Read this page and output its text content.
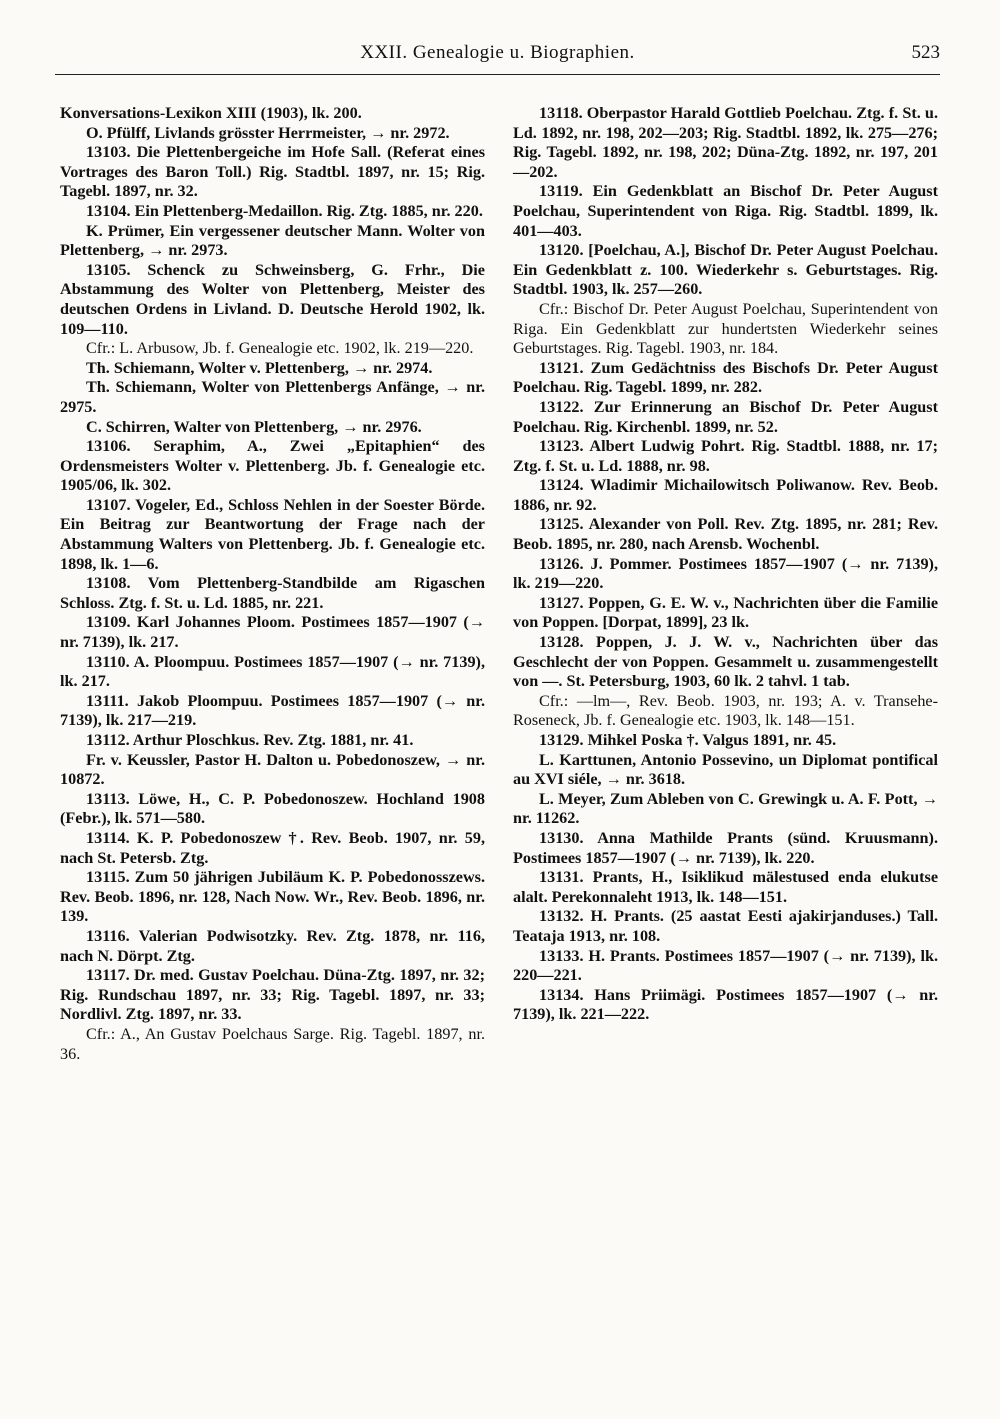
XXII. Genealogie u. Biographien.	523

Konversations-Lexikon XIII (1903), lk. 200.

O. Pfülff, Livlands grösster Herrmeister, → nr. 2972.

13103. Die Plettenbergeiche im Hofe Sall. (Referat eines Vortrages des Baron Toll.) Rig. Stadtbl. 1897, nr. 15; Rig. Tagebl. 1897, nr. 32.

13104. Ein Plettenberg-Medaillon. Rig. Ztg. 1885, nr. 220.

K. Prümer, Ein vergessener deutscher Mann. Wolter von Plettenberg, → nr. 2973.

13105. Schenck zu Schweinsberg, G. Frhr., Die Abstammung des Wolter von Plettenberg, Meister des deutschen Ordens in Livland. D. Deutsche Herold 1902, lk. 109—110.

Cfr.: L. Arbusow, Jb. f. Genealogie etc. 1902, lk. 219—220.

Th. Schiemann, Wolter v. Plettenberg, → nr. 2974.

Th. Schiemann, Wolter von Plettenbergs Anfänge, → nr. 2975.

C. Schirren, Walter von Plettenberg, → nr. 2976.

13106. Seraphim, A., Zwei „Epitaphien“ des Ordensmeisters Wolter v. Plettenberg. Jb. f. Genealogie etc. 1905/06, lk. 302.

13107. Vogeler, Ed., Schloss Nehlen in der Soester Börde. Ein Beitrag zur Beantwortung der Frage nach der Abstammung Walters von Plettenberg. Jb. f. Genealogie etc. 1898, lk. 1—6.

13108. Vom Plettenberg-Standbilde am Rigaschen Schloss. Ztg. f. St. u. Ld. 1885, nr. 221.

13109. Karl Johannes Ploom. Postimees 1857—1907 (→ nr. 7139), lk. 217.

13110. A. Ploompuu. Postimees 1857—1907 (→ nr. 7139), lk. 217.

13111. Jakob Ploompuu. Postimees 1857—1907 (→ nr. 7139), lk. 217—219.

13112. Arthur Ploschkus. Rev. Ztg. 1881, nr. 41.

Fr. v. Keussler, Pastor H. Dalton u. Pobedonoszew, → nr. 10872.

13113. Löwe, H., C. P. Pobedonoszew. Hochland 1908 (Febr.), lk. 571—580.

13114. K. P. Pobedonoszew †. Rev. Beob. 1907, nr. 59, nach St. Petersb. Ztg.

13115. Zum 50 jährigen Jubiläum K. P. Pobedonosszews. Rev. Beob. 1896, nr. 128, Nach Now. Wr., Rev. Beob. 1896, nr. 139.

13116. Valerian Podwisotzky. Rev. Ztg. 1878, nr. 116, nach N. Dörpt. Ztg.

13117. Dr. med. Gustav Poelchau. Düna-Ztg. 1897, nr. 32; Rig. Rundschau 1897, nr. 33; Rig. Tagebl. 1897, nr. 33; Nordlivl. Ztg. 1897, nr. 33.

Cfr.: A., An Gustav Poelchaus Sarge. Rig. Tagebl. 1897, nr. 36.

13118. Oberpastor Harald Gottlieb Poelchau. Ztg. f. St. u. Ld. 1892, nr. 198, 202—203; Rig. Stadtbl. 1892, lk. 275—276; Rig. Tagebl. 1892, nr. 198, 202; Düna-Ztg. 1892, nr. 197, 201—202.

13119. Ein Gedenkblatt an Bischof Dr. Peter August Poelchau, Superintendent von Riga. Rig. Stadtbl. 1899, lk. 401—403.

13120. [Poelchau, A.], Bischof Dr. Peter August Poelchau. Ein Gedenkblatt z. 100. Wiederkehr s. Geburtstages. Rig. Stadtbl. 1903, lk. 257—260.

Cfr.: Bischof Dr. Peter August Poelchau, Superintendent von Riga. Ein Gedenkblatt zur hundertsten Wiederkehr seines Geburtstages. Rig. Tagebl. 1903, nr. 184.

13121. Zum Gedächtniss des Bischofs Dr. Peter August Poelchau. Rig. Tagebl. 1899, nr. 282.

13122. Zur Erinnerung an Bischof Dr. Peter August Poelchau. Rig. Kirchenbl. 1899, nr. 52.

13123. Albert Ludwig Pohrt. Rig. Stadtbl. 1888, nr. 17; Ztg. f. St. u. Ld. 1888, nr. 98.

13124. Wladimir Michailowitsch Poliwanow. Rev. Beob. 1886, nr. 92.

13125. Alexander von Poll. Rev. Ztg. 1895, nr. 281; Rev. Beob. 1895, nr. 280, nach Arensb. Wochenbl.

13126. J. Pommer. Postimees 1857—1907 (→ nr. 7139), lk. 219—220.

13127. Poppen, G. E. W. v., Nachrichten über die Familie von Poppen. [Dorpat, 1899], 23 lk.

13128. Poppen, J. J. W. v., Nachrichten über das Geschlecht der von Poppen. Gesammelt u. zusammengestellt von —. St. Petersburg, 1903, 60 lk. 2 tahvl. 1 tab.

Cfr.: —lm—, Rev. Beob. 1903, nr. 193; A. v. Transehe-Roseneck, Jb. f. Genealogie etc. 1903, lk. 148—151.

13129. Mihkel Poska †. Valgus 1891, nr. 45.

L. Karttunen, Antonio Possevino, un Diplomat pontifical au XVI siéle, → nr. 3618.

L. Meyer, Zum Ableben von C. Grewingk u. A. F. Pott, → nr. 11262.

13130. Anna Mathilde Prants (sünd. Kruusmann). Postimees 1857—1907 (→ nr. 7139), lk. 220.

13131. Prants, H., Isiklikud mälestused enda elukutse alalt. Perekonnaleht 1913, lk. 148—151.

13132. H. Prants. (25 aastat Eesti ajakirjanduses.) Tall. Teataja 1913, nr. 108.

13133. H. Prants. Postimees 1857—1907 (→ nr. 7139), lk. 220—221.

13134. Hans Priimägi. Postimees 1857—1907 (→ nr. 7139), lk. 221—222.
